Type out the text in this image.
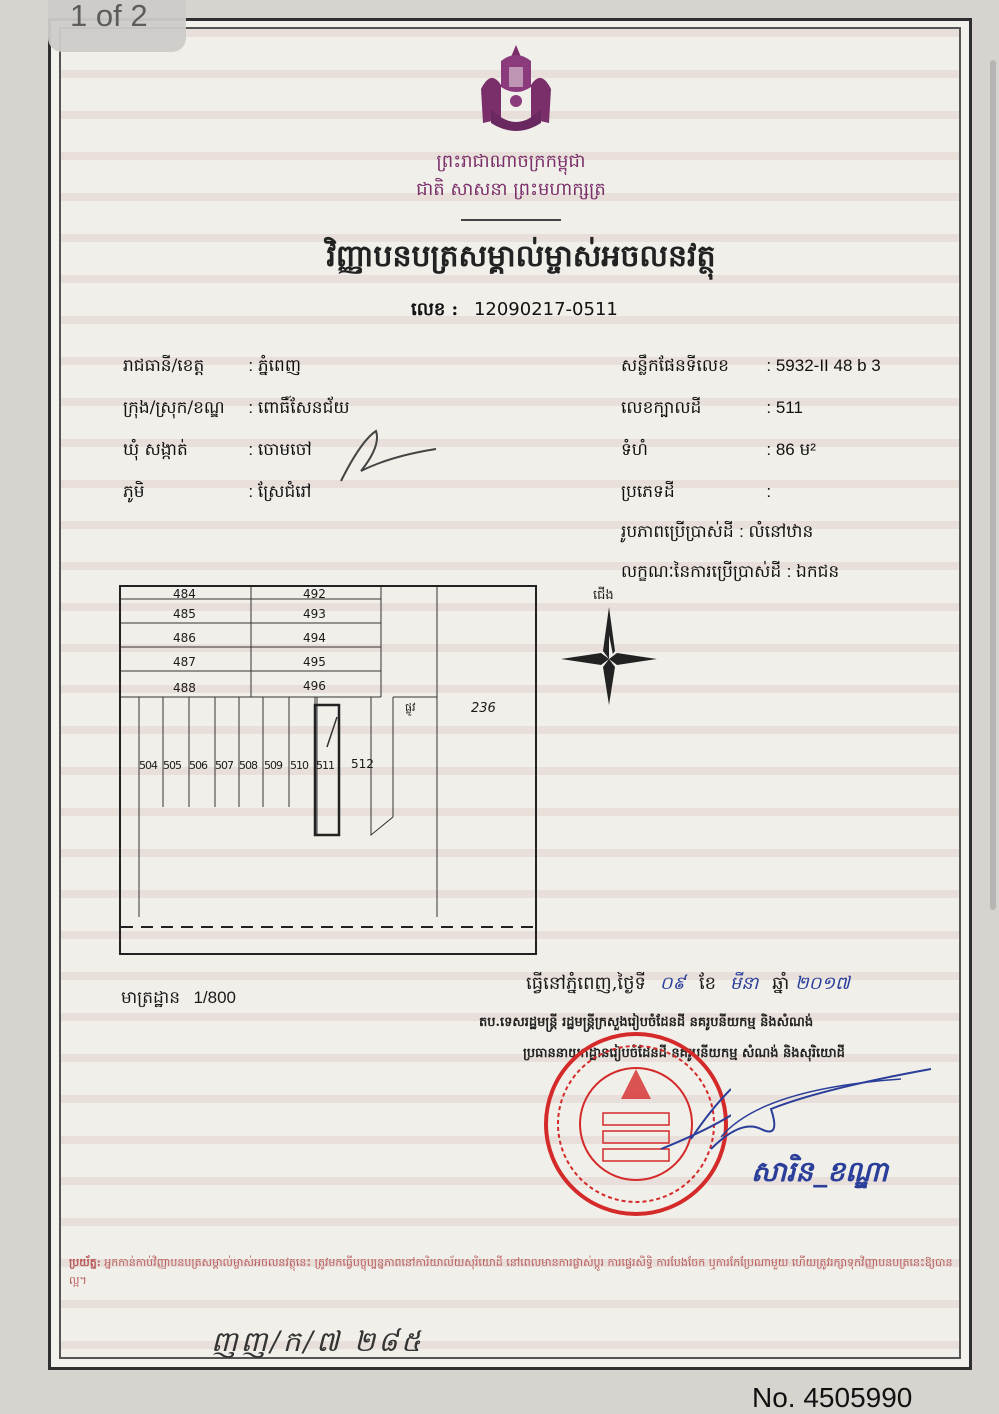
1 of 2
ព្រះរាជាណាចក្រកម្ពុជា
ជាតិ សាសនា ព្រះមហាក្សត្រ
វិញ្ញាបនបត្រសម្គាល់ម្ចាស់អចលនវត្ថុ
លេខ : 12090217-0511
រាជធានី/ខេត្ត	: ភ្នំពេញ
ក្រុង/ស្រុក/ខណ្ឌ : ពោធិ៍សែនជ័យ
ឃុំ សង្កាត់	: ចោមចៅ
ភូមិ	: ស្រែជំរៅ
សន្លឹកផែនទីលេខ : 5932-II 48 b 3
លេខក្បាលដី	: 511
ទំហំ	: 86 ម²
ប្រភេទដី	:
រូបភាពប្រើប្រាស់ដី : លំនៅឋាន
លក្ខណៈនៃការប្រើប្រាស់ដី : ឯកជន
484
485
486
487
488
492
493
494
495
496
504 505 506 507 508 509 510 511 512
236
ផ្លូវ
ជើង
មាត្រដ្ឋាន 1/800
ធ្វើនៅភ្នំពេញ,ថ្ងៃទី ០៩ ខែ មីនា ឆ្នាំ ២០១៧
តប.ទេសរដ្ឋមន្ត្រី រដ្ឋមន្ត្រីក្រសួងរៀបចំដែនដី នគរូបនីយកម្ម និងសំណង់
ប្រធាននាយកដ្ឋានរៀបចំដែនដី នគរូបនីយកម្ម សំណង់ និងសុរិយោដី
សារិន_ខណ្ឌា
ប្រយ័ត្ន: អ្នកកាន់កាប់វិញ្ញាបនបត្រសម្គាល់ម្ចាស់អចលនវត្ថុនេះ ត្រូវមកធ្វើបច្ចុប្បន្នភាពនៅការិយាល័យសុរិយោដី នៅពេលមានការផ្លាស់ប្តូរ ការផ្ទេរសិទ្ធិ ការបែងចែក ឬការកែប្រែណាមួយ ហើយត្រូវរក្សាទុកវិញ្ញាបនបត្រនេះឱ្យបានល្អ។
ញញ/ក/៧ ២៨៥
No. 4505990
